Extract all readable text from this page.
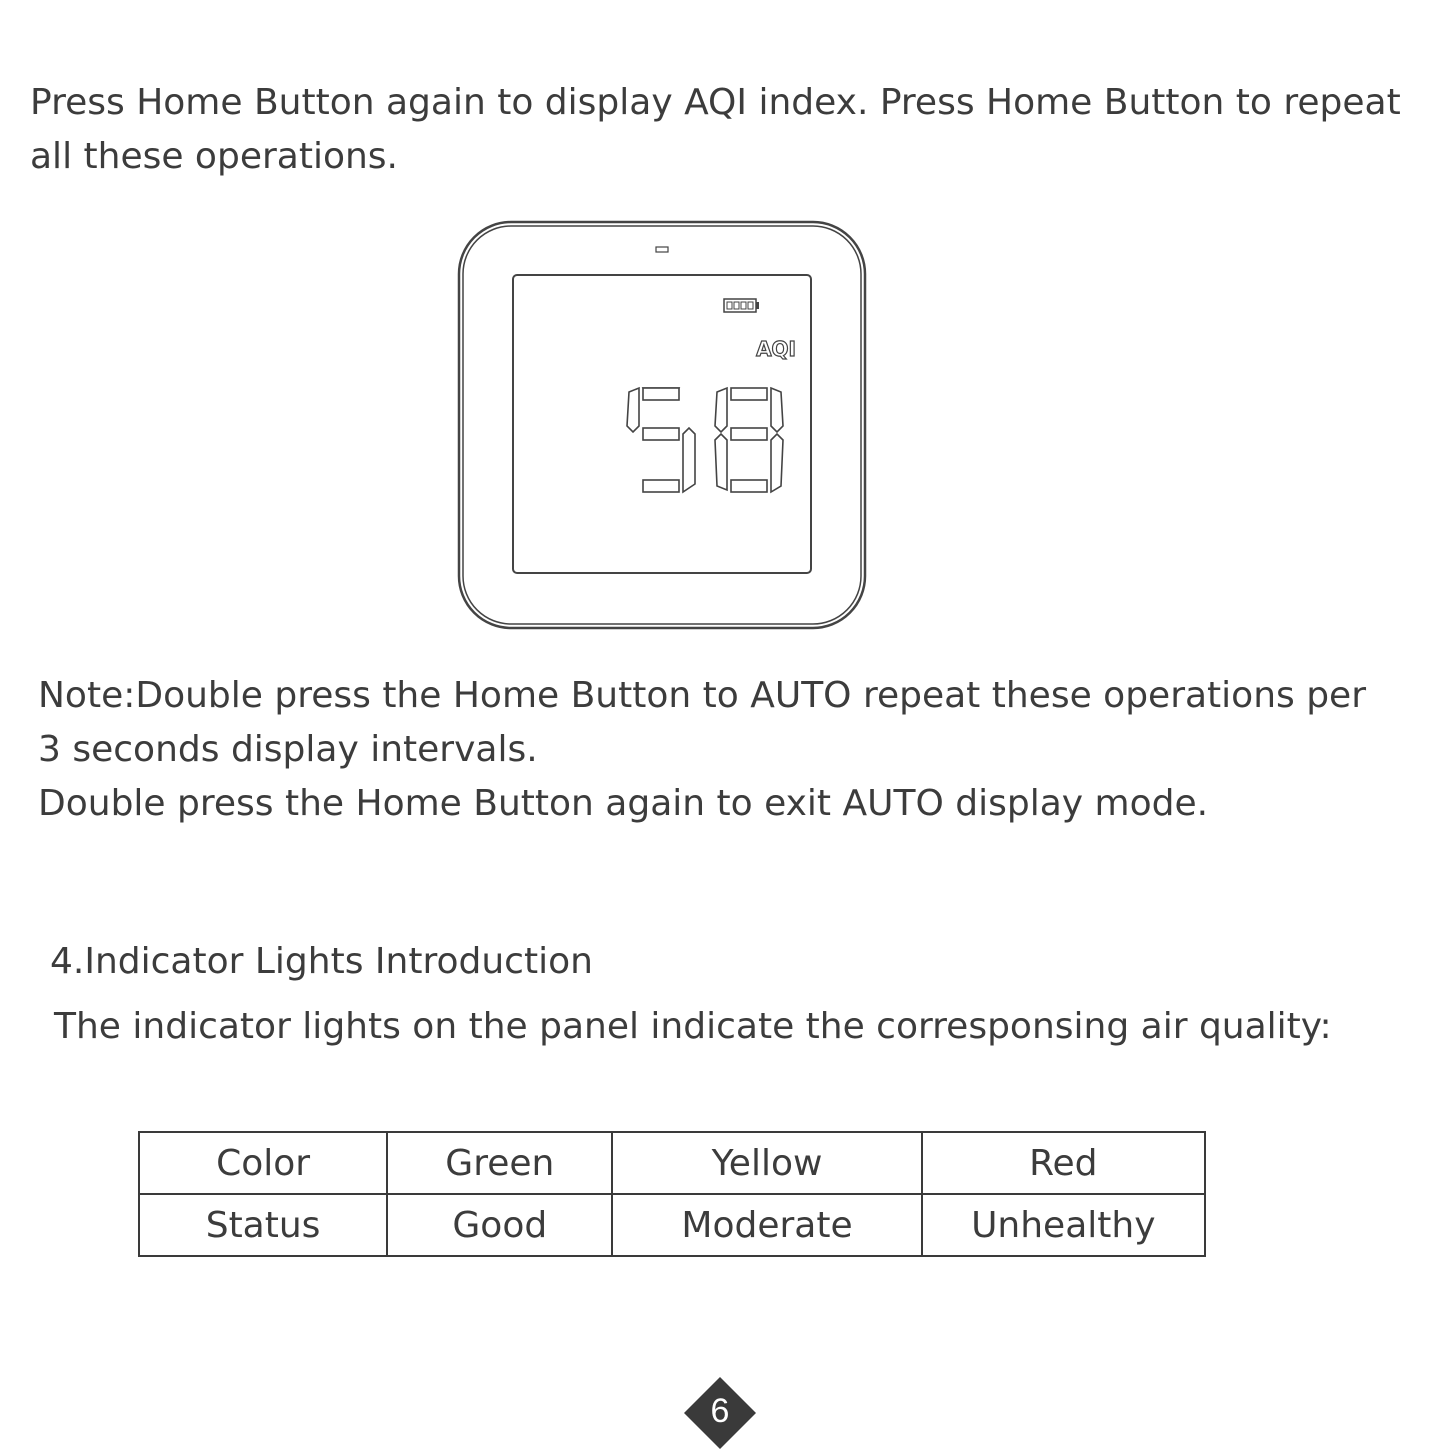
Press Home Button again to display AQI index. Press Home Button to repeat
all these operations.

AQI

Note:Double press the Home Button to AUTO repeat these operations per
3 seconds display intervals.
Double press the Home Button again to exit AUTO display mode.

4.Indicator Lights Introduction

The indicator lights on the panel indicate the corresponsing air quality:

Color	Green	Yellow	Red
Status	Good	Moderate	Unhealthy
6
